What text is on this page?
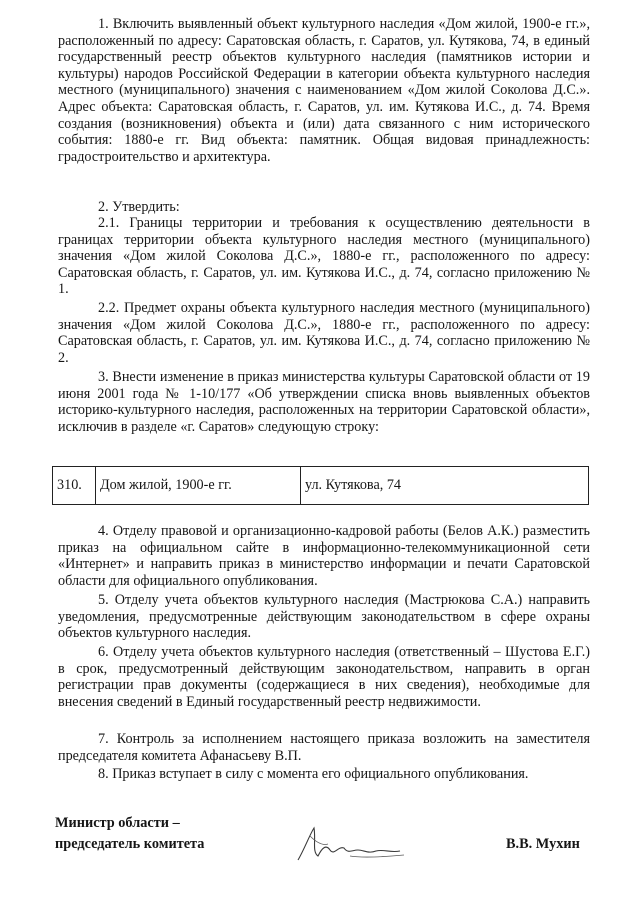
1. Включить выявленный объект культурного наследия «Дом жилой, 1900-е гг.», расположенный по адресу: Саратовская область, г. Саратов, ул. Кутякова, 74, в единый государственный реестр объектов культурного наследия (памятников истории и культуры) народов Российской Федерации в категории объекта культурного наследия местного (муниципального) значения с наименованием «Дом жилой Соколова Д.С.». Адрес объекта: Саратовская область, г. Саратов, ул. им. Кутякова И.С., д. 74. Время создания (возникновения) объекта и (или) дата связанного с ним исторического события: 1880-е гг. Вид объекта: памятник. Общая видовая принадлежность: градостроительство и архитектура.

2. Утвердить:

2.1. Границы территории и требования к осуществлению деятельности в границах территории объекта культурного наследия местного (муниципального) значения «Дом жилой Соколова Д.С.», 1880-е гг., расположенного по адресу: Саратовская область, г. Саратов, ул. им. Кутякова И.С., д. 74, согласно приложению № 1.

2.2. Предмет охраны объекта культурного наследия местного (муниципального) значения «Дом жилой Соколова Д.С.», 1880-е гг., расположенного по адресу: Саратовская область, г. Саратов, ул. им. Кутякова И.С., д. 74, согласно приложению № 2.

3. Внести изменение в приказ министерства культуры Саратовской области от 19 июня 2001 года № 1-10/177 «Об утверждении списка вновь выявленных объектов историко-культурного наследия, расположенных на территории Саратовской области», исключив в разделе «г. Саратов» следующую строку:

310.	Дом жилой, 1900-е гг.	ул. Кутякова, 74

4. Отделу правовой и организационно-кадровой работы (Белов А.К.) разместить приказ на официальном сайте в информационно-телекоммуникационной сети «Интернет» и направить приказ в министерство информации и печати Саратовской области для официального опубликования.

5. Отделу учета объектов культурного наследия (Мастрюкова С.А.) направить уведомления, предусмотренные действующим законодательством в сфере охраны объектов культурного наследия.

6. Отделу учета объектов культурного наследия (ответственный – Шустова Е.Г.) в срок, предусмотренный действующим законодательством, направить в орган регистрации прав документы (содержащиеся в них сведения), необходимые для внесения сведений в Единый государственный реестр недвижимости.

7. Контроль за исполнением настоящего приказа возложить на заместителя председателя комитета Афанасьеву В.П.

8. Приказ вступает в силу с момента его официального опубликования.

Министр области –
председатель комитета	В.В. Мухин
